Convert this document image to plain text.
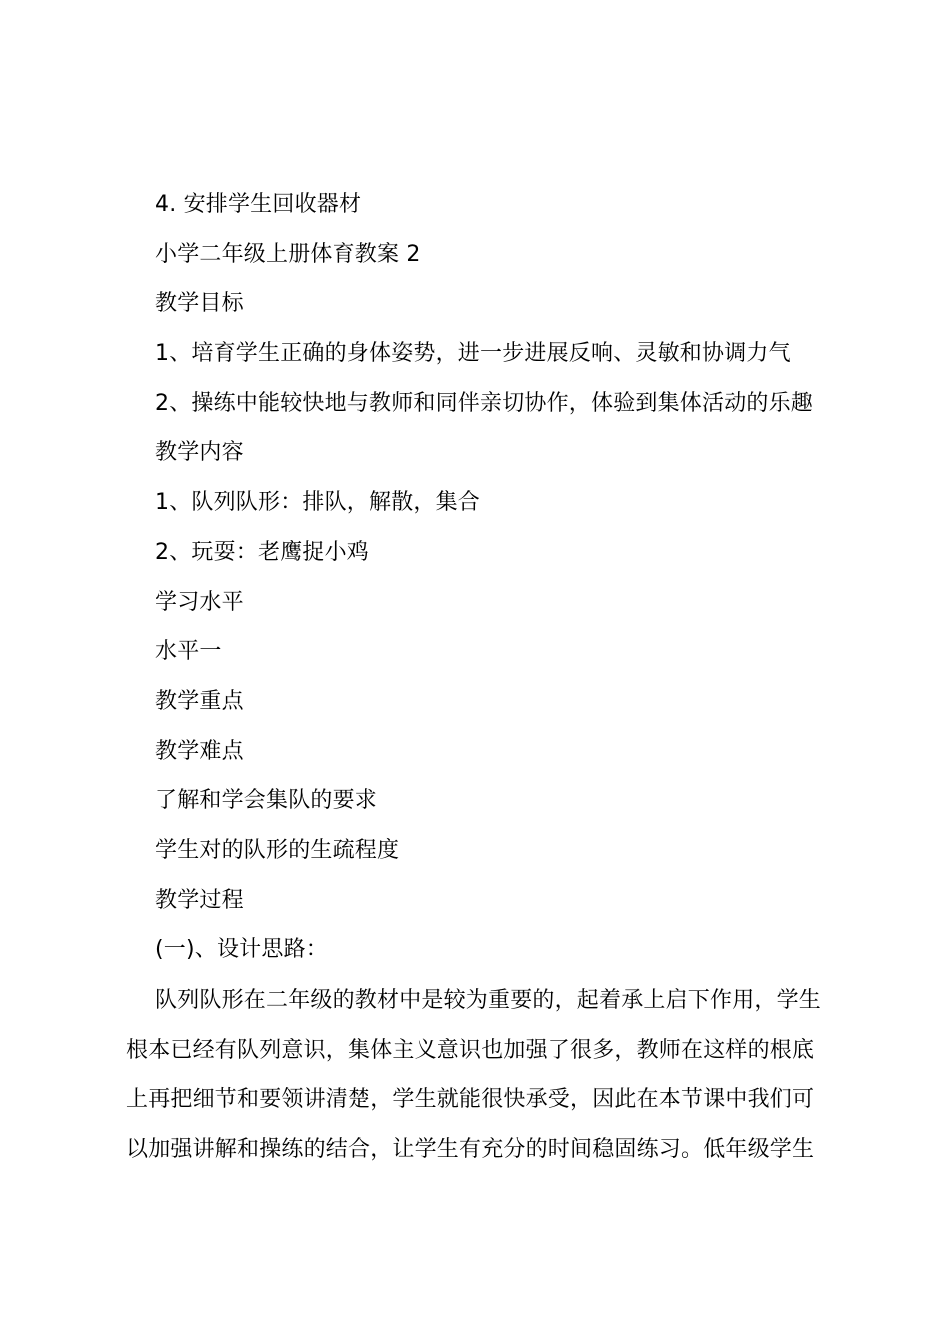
4. 安排学生回收器材
小学二年级上册体育教案 2
教学目标
1、培育学生正确的身体姿势，进一步进展反响、灵敏和协调力气
2、操练中能较快地与教师和同伴亲切协作，体验到集体活动的乐趣
教学内容
1、队列队形：排队，解散，集合
2、玩耍：老鹰捉小鸡
学习水平
水平一
教学重点
教学难点
了解和学会集队的要求
学生对的队形的生疏程度
教学过程
(一)、设计思路：
队列队形在二年级的教材中是较为重要的，起着承上启下作用，学生
根本已经有队列意识，集体主义意识也加强了很多，教师在这样的根底
上再把细节和要领讲清楚，学生就能很快承受，因此在本节课中我们可
以加强讲解和操练的结合，让学生有充分的时间稳固练习。低年级学生
